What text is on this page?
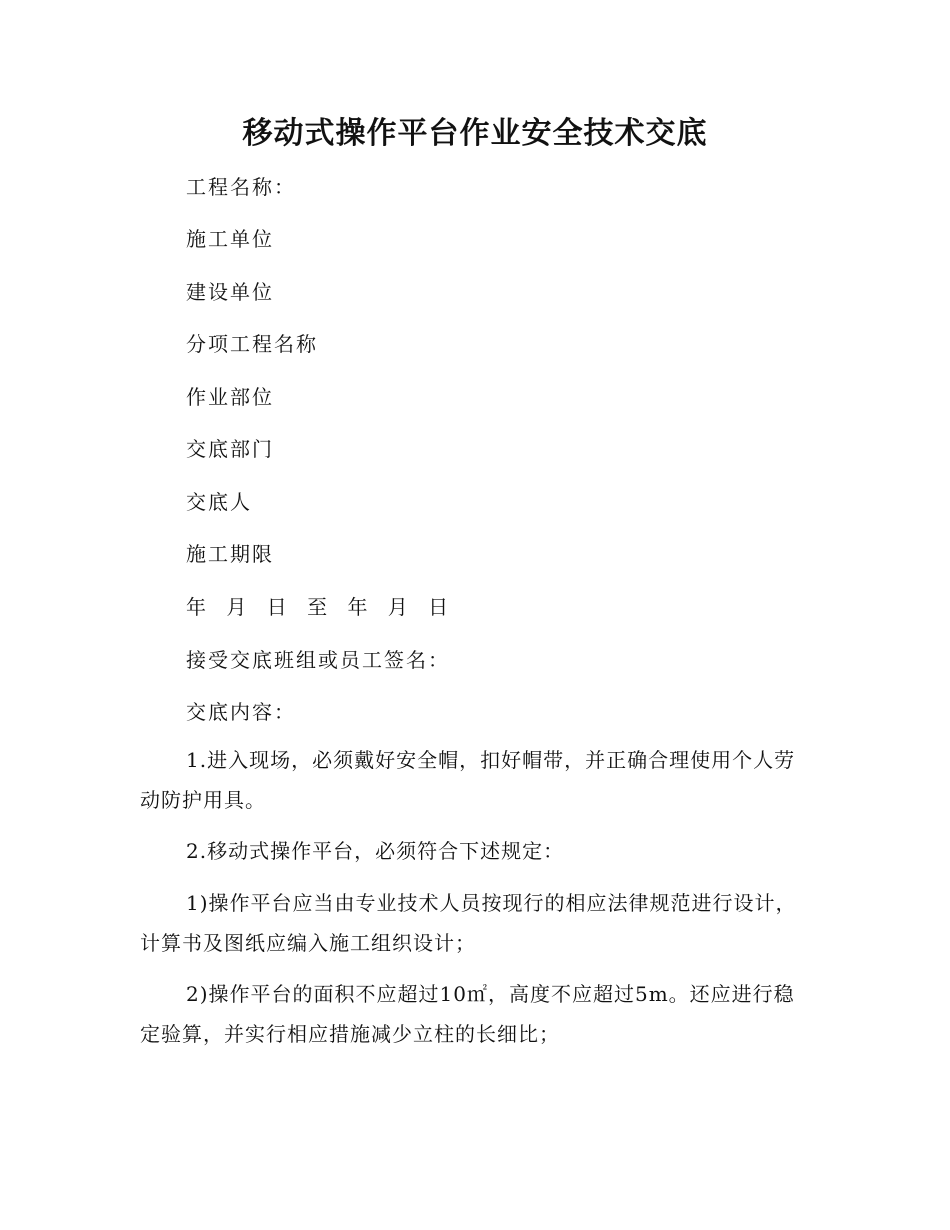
移动式操作平台作业安全技术交底

工程名称：

施工单位

建设单位

分项工程名称

作业部位

交底部门

交底人

施工期限

年 月 日 至 年 月 日

接受交底班组或员工签名：

交底内容：

1.进入现场，必须戴好安全帽，扣好帽带，并正确合理使用个人劳动防护用具。

2.移动式操作平台，必须符合下述规定：

1)操作平台应当由专业技术人员按现行的相应法律规范进行设计，计算书及图纸应编入施工组织设计；

2)操作平台的面积不应超过10㎡，高度不应超过5m。还应进行稳定验算，并实行相应措施减少立柱的长细比；
